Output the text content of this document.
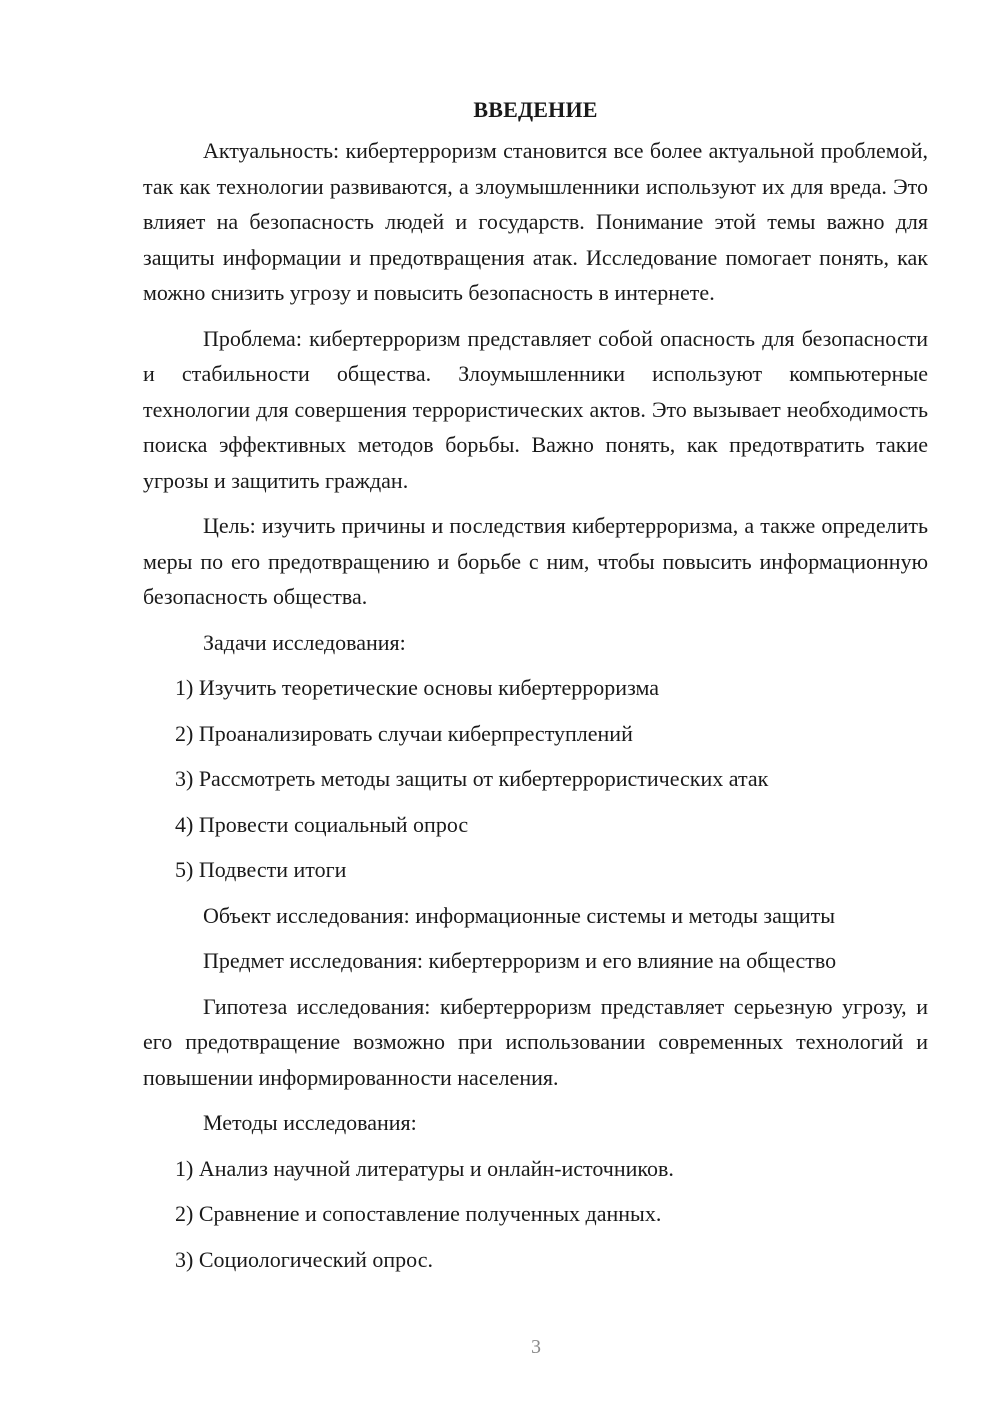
ВВЕДЕНИЕ

Актуальность: кибертерроризм становится все более актуальной проблемой, так как технологии развиваются, а злоумышленники используют их для вреда. Это влияет на безопасность людей и государств. Понимание этой темы важно для защиты информации и предотвращения атак. Исследование помогает понять, как можно снизить угрозу и повысить безопасность в интернете.

Проблема: кибертерроризм представляет собой опасность для безопасности и стабильности общества. Злоумышленники используют компьютерные технологии для совершения террористических актов. Это вызывает необходимость поиска эффективных методов борьбы. Важно понять, как предотвратить такие угрозы и защитить граждан.

Цель: изучить причины и последствия кибертерроризма, а также определить меры по его предотвращению и борьбе с ним, чтобы повысить информационную безопасность общества.

Задачи исследования:
1) Изучить теоретические основы кибертерроризма
2) Проанализировать случаи киберпреступлений
3) Рассмотреть методы защиты от кибертеррористических атак
4) Провести социальный опрос
5) Подвести итоги
Объект исследования: информационные системы и методы защиты
Предмет исследования: кибертерроризм и его влияние на общество

Гипотеза исследования: кибертерроризм представляет серьезную угрозу, и его предотвращение возможно при использовании современных технологий и повышении информированности населения.

Методы исследования:
1) Анализ научной литературы и онлайн-источников.
2) Сравнение и сопоставление полученных данных.
3) Социологический опрос.
3
